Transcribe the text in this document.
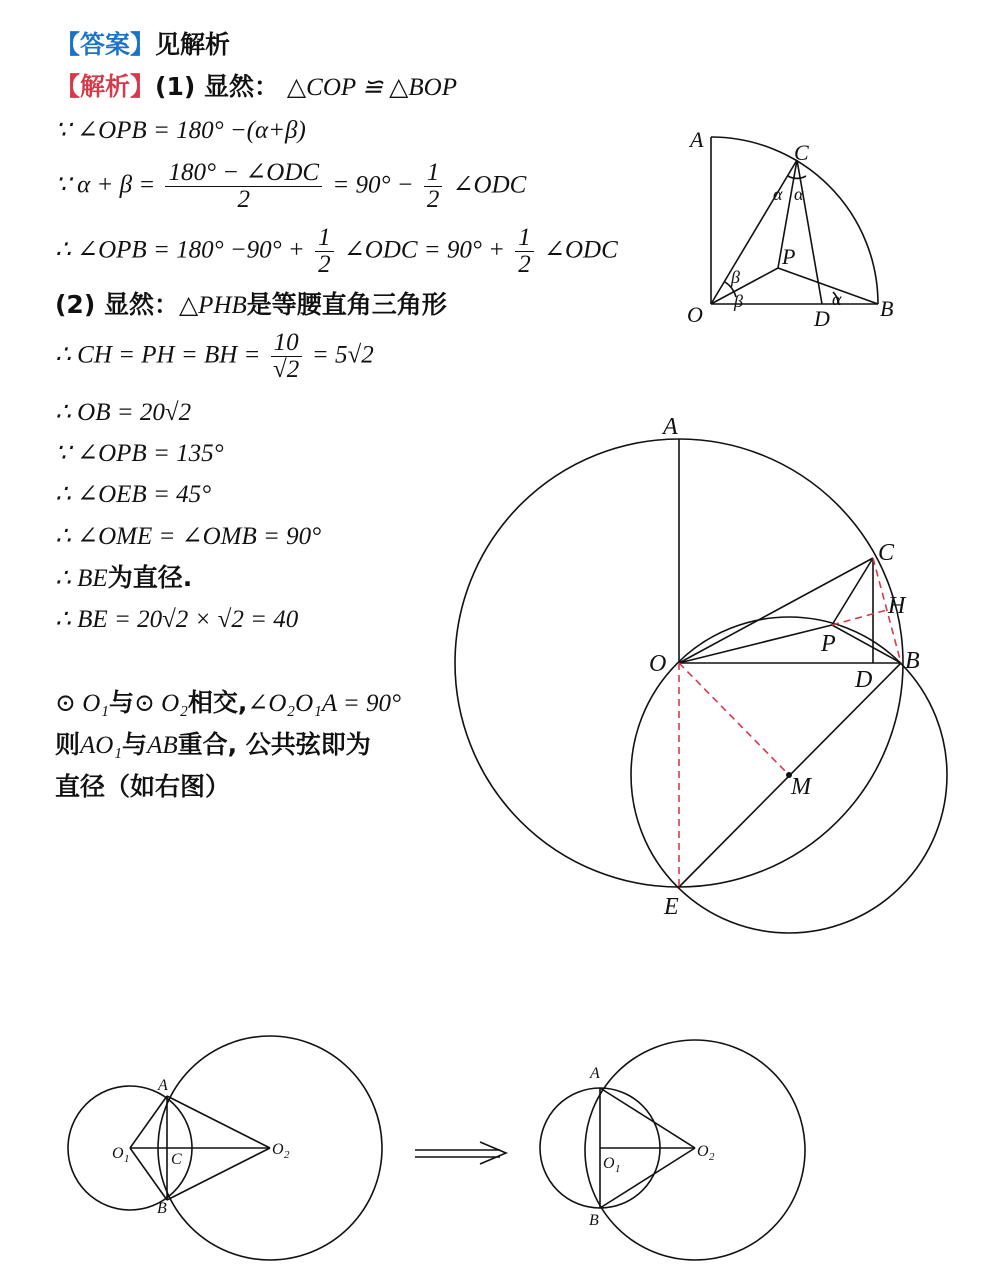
【答案】见解析
【解析】(1) 显然： △COP ≌ △BOP
∵ ∠OPB = 180° −(α+β)
∵ $\alpha + \beta = \frac{\text{180° − ∠ODC}}{2} = 90^\circ - \frac{1}{2}$ ∠ODC
∴ ∠OPB = $180^\circ -90^\circ + \frac{1}{2}$ ∠ODC = $90^\circ + \frac{1}{2}$ ∠ODC
(2) 显然：△PHB是等腰直角三角形
∴ CH = PH = BH = $\frac{10}{√2} = 5√2$
∴ OB = 20√2
∵ ∠OPB = 135°
∴ ∠OEB = 45°
∴ ∠OME = ∠OMB = 90°
∴ BE为直径.
∴ BE = 20√2 × √2 = 40
⊙ O₁与⊙ O₂相交,∠O₂O₁A = 90°
则AO₁与AB重合, 公共弦即为
直径（如右图）
A
C
α α
P
β
β	α
O	D B
A
C
H
P
O
D
B
M
E
A
O 1	C
O 2
B
A
O 1
O 2
B
